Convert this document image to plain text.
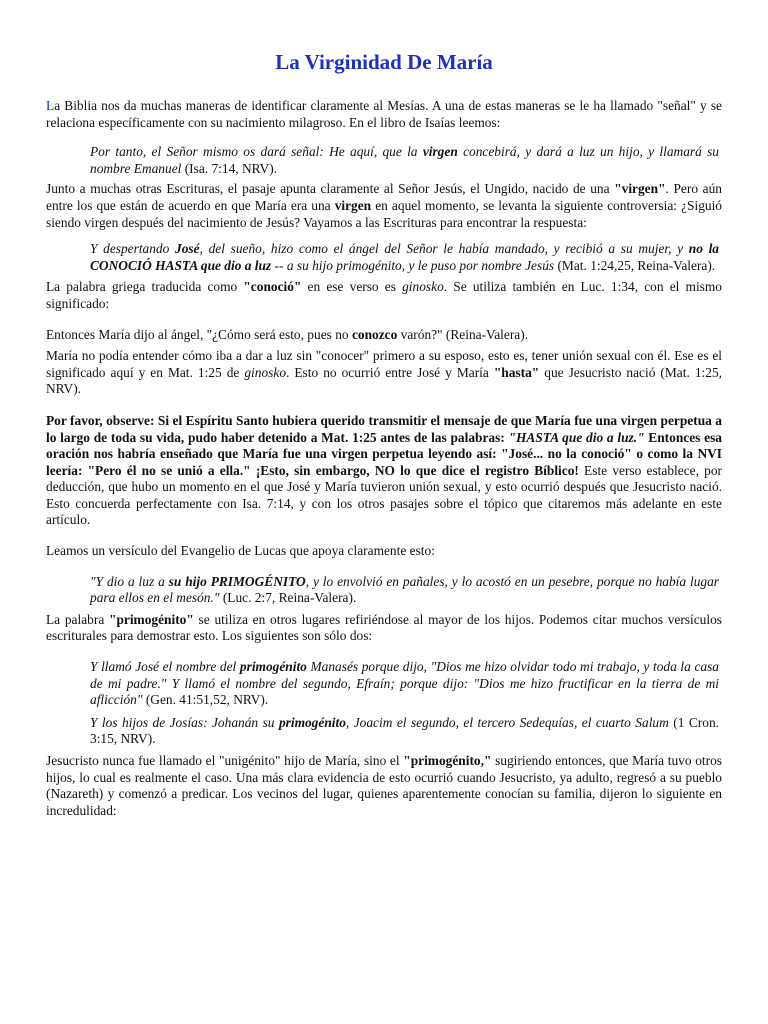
La Virginidad De María

La Biblia nos da muchas maneras de identificar claramente al Mesías. A una de estas maneras se le ha llamado "señal" y se relaciona específicamente con su nacimiento milagroso. En el libro de Isaías leemos:

Por tanto, el Señor mismo os dará señal: He aquí, que la virgen concebirá, y dará a luz un hijo, y llamará su nombre Emanuel (Isa. 7:14, NRV).

Junto a muchas otras Escrituras, el pasaje apunta claramente al Señor Jesús, el Ungido, nacido de una "virgen". Pero aún entre los que están de acuerdo en que María era una virgen en aquel momento, se levanta la siguiente controversia: ¿Siguió siendo virgen después del nacimiento de Jesús? Vayamos a las Escrituras para encontrar la respuesta:

Y despertando José, del sueño, hizo como el ángel del Señor le había mandado, y recibió a su mujer, y no la CONOCIÓ HASTA que dio a luz -- a su hijo primogénito, y le puso por nombre Jesús (Mat. 1:24,25, Reina-Valera).

La palabra griega traducida como "conoció" en ese verso es ginosko. Se utiliza también en Luc. 1:34, con el mismo significado:

Entonces María dijo al ángel, "¿Cómo será esto, pues no conozco varón?" (Reina-Valera).

María no podía entender cómo iba a dar a luz sin "conocer" primero a su esposo, esto es, tener unión sexual con él. Ese es el significado aquí y en Mat. 1:25 de ginosko. Esto no ocurrió entre José y María "hasta" que Jesucristo nació (Mat. 1:25, NRV).

Por favor, observe: Si el Espíritu Santo hubiera querido transmitir el mensaje de que María fue una virgen perpetua a lo largo de toda su vida, pudo haber detenido a Mat. 1:25 antes de las palabras: "HASTA que dio a luz." Entonces esa oración nos habría enseñado que María fue una virgen perpetua leyendo así: "José... no la conoció" o como la NVI leería: "Pero él no se unió a ella." ¡Esto, sin embargo, NO lo que dice el registro Bíblico! Este verso establece, por deducción, que hubo un momento en el que José y María tuvieron unión sexual, y esto ocurrió después que Jesucristo nació. Esto concuerda perfectamente con Isa. 7:14, y con los otros pasajes sobre el tópico que citaremos más adelante en este artículo.

Leamos un versículo del Evangelio de Lucas que apoya claramente esto:

"Y dio a luz a su hijo PRIMOGÉNITO, y lo envolvió en pañales, y lo acostó en un pesebre, porque no había lugar para ellos en el mesón." (Luc. 2:7, Reina-Valera).

La palabra "primogénito" se utiliza en otros lugares refiriéndose al mayor de los hijos. Podemos citar muchos versículos escriturales para demostrar esto. Los siguientes son sólo dos:

Y llamó José el nombre del primogénito Manasés porque dijo, "Dios me hizo olvidar todo mi trabajo, y toda la casa de mi padre." Y llamó el nombre del segundo, Efraín; porque dijo: "Dios me hizo fructificar en la tierra de mi aflicción" (Gen. 41:51,52, NRV).

Y los hijos de Josías: Johanán su primogénito, Joacim el segundo, el tercero Sedequías, el cuarto Salum (1 Cron. 3:15, NRV).

Jesucristo nunca fue llamado el "unigénito" hijo de María, sino el "primogénito," sugiriendo entonces, que María tuvo otros hijos, lo cual es realmente el caso. Una más clara evidencia de esto ocurrió cuando Jesucristo, ya adulto, regresó a su pueblo (Nazareth) y comenzó a predicar. Los vecinos del lugar, quienes aparentemente conocían su familia, dijeron lo siguiente en incredulidad:
